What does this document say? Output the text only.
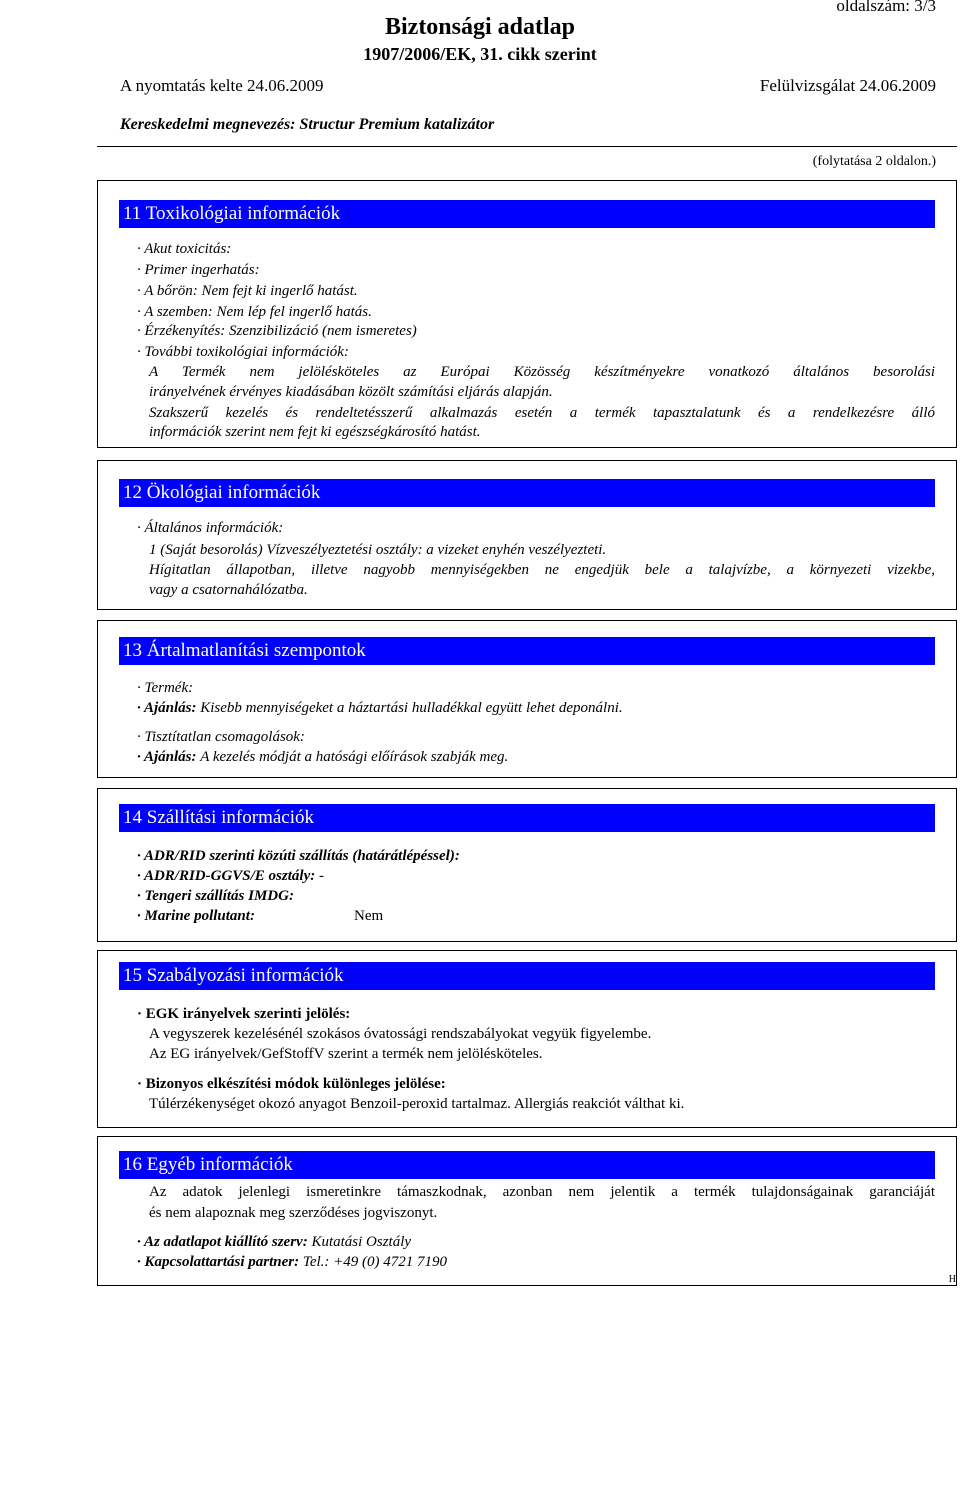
oldalszám: 3/3
Biztonsági adatlap
1907/2006/EK, 31. cikk szerint
A nyomtatás kelte 24.06.2009	Felülvizsgálat 24.06.2009
Kereskedelmi megnevezés: Structur Premium katalizátor
(folytatása 2 oldalon.)
11 Toxikológiai információk
· Akut toxicitás:
· Primer ingerhatás:
· A bőrön: Nem fejt ki ingerlő hatást.
· A szemben: Nem lép fel ingerlő hatás.
· Érzékenyítés: Szenzibilizáció (nem ismeretes)
· További toxikológiai információk:
A Termék nem jelölésköteles az Európai Közösség készítményekre vonatkozó általános besorolási
irányelvének érvényes kiadásában közölt számítási eljárás alapján.
Szakszerű kezelés és rendeltetésszerű alkalmazás esetén a termék tapasztalatunk és a rendelkezésre álló
információk szerint nem fejt ki egészségkárosító hatást.
12 Ökológiai információk
· Általános információk:
1 (Saját besorolás) Vízveszélyeztetési osztály: a vizeket enyhén veszélyezteti.
Hígitatlan állapotban, illetve nagyobb mennyiségekben ne engedjük bele a talajvízbe, a környezeti vizekbe,
vagy a csatornahálózatba.
13 Ártalmatlanítási szempontok
· Termék:
· Ajánlás: Kisebb mennyiségeket a háztartási hulladékkal együtt lehet deponálni.
· Tisztítatlan csomagolások:
· Ajánlás: A kezelés módját a hatósági előírások szabják meg.
14 Szállítási információk
· ADR/RID szerinti közúti szállítás (határátlépéssel):
· ADR/RID-GGVS/E osztály: -
· Tengeri szállítás IMDG:
· Marine pollutant:	Nem
15 Szabályozási információk
· EGK irányelvek szerinti jelölés:
A vegyszerek kezelésénél szokásos óvatossági rendszabályokat vegyük figyelembe.
Az EG irányelvek/GefStoffV szerint a termék nem jelölésköteles.
· Bizonyos elkészítési módok különleges jelölése:
Túlérzékenységet okozó anyagot Benzoil-peroxid tartalmaz. Allergiás reakciót válthat ki.
16 Egyéb információk
Az adatok jelenlegi ismeretinkre támaszkodnak, azonban nem jelentik a termék tulajdonságainak garanciáját
és nem alapoznak meg szerződéses jogviszonyt.
· Az adatlapot kiállító szerv: Kutatási Osztály
· Kapcsolattartási partner: Tel.: +49 (0) 4721 7190
H
